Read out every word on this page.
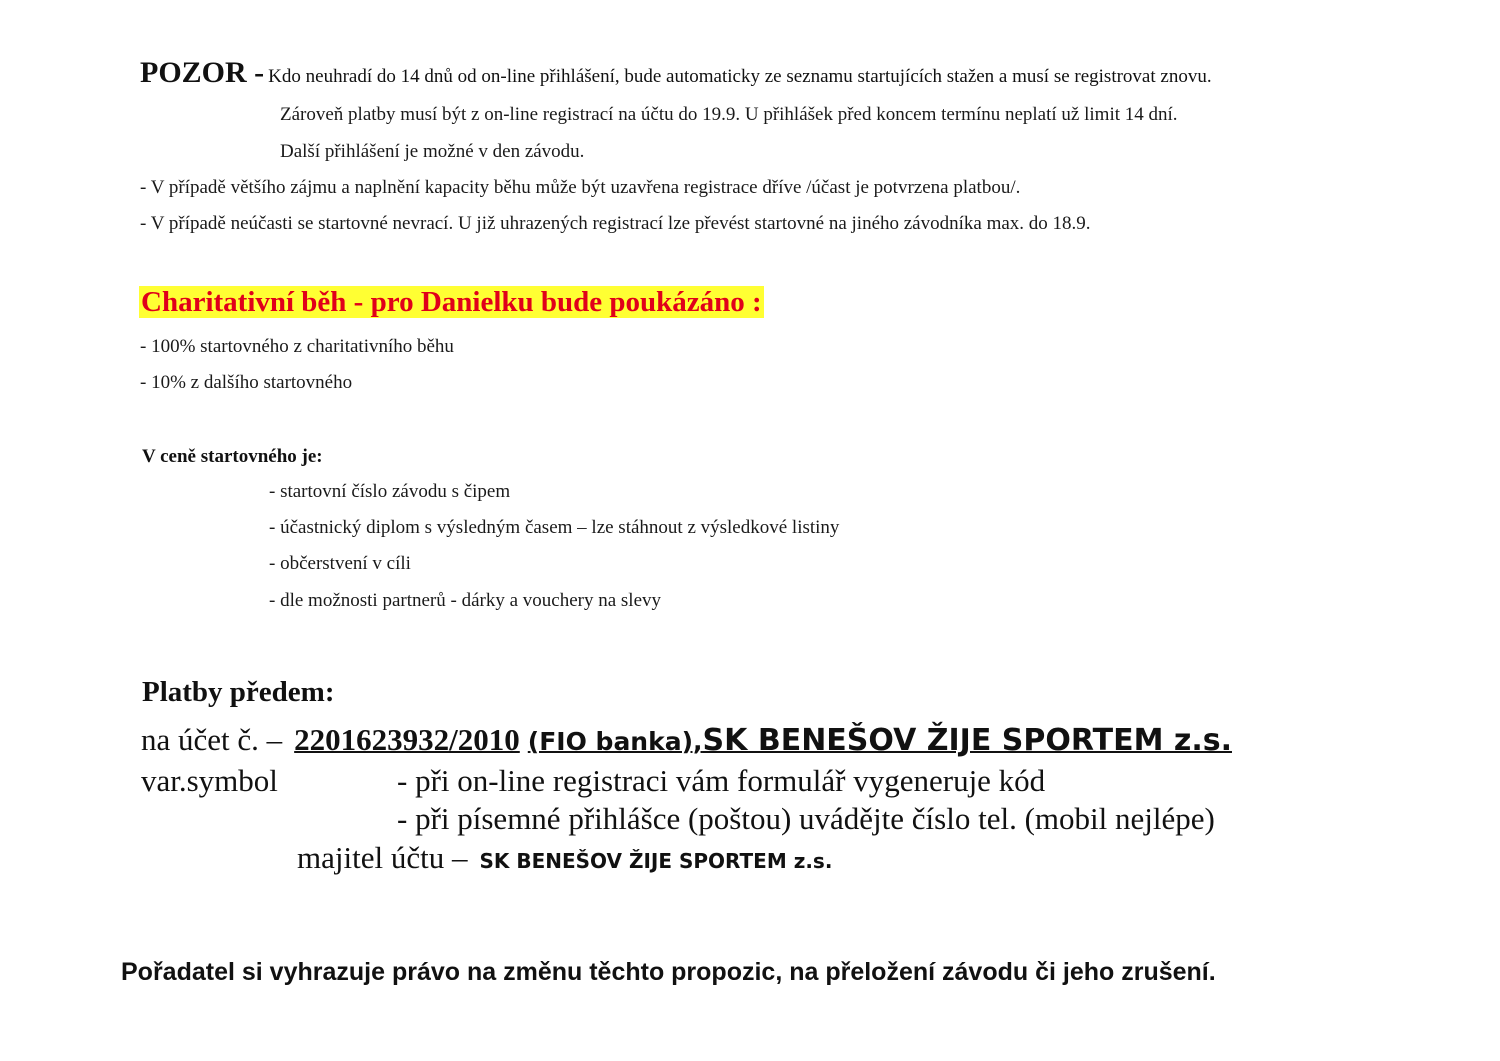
POZOR - Kdo neuhradí do 14 dnů od on-line přihlášení, bude automaticky ze seznamu startujících stažen a musí se registrovat znovu.
Zároveň platby musí být z on-line registrací na účtu do 19.9. U přihlášek před koncem termínu neplatí už limit 14 dní.
Další přihlášení je možné v den závodu.
- V případě většího zájmu a naplnění kapacity běhu může být uzavřena registrace dříve /účast je potvrzena platbou/.
- V případě neúčasti se startovné nevrací. U již uhrazených registrací lze převést startovné na jiného závodníka max. do 18.9.
Charitativní běh - pro Danielku bude poukázáno :
- 100% startovného z charitativního běhu
- 10% z dalšího startovného
V ceně startovného je:
- startovní číslo závodu s čipem
- účastnický diplom s výsledným časem – lze stáhnout z výsledkové listiny
- občerstvení v cíli
- dle možnosti partnerů - dárky a vouchery na slevy
Platby předem:
na účet č. – 2201623932/2010 (FIO banka),SK BENEŠOV ŽIJE SPORTEM z.s.
var.symbol	- při on-line registraci vám formulář vygeneruje kód
- při písemné přihlášce (poštou) uvádějte číslo tel. (mobil nejlépe)
majitel účtu – SK BENEŠOV ŽIJE SPORTEM z.s.
Pořadatel si vyhrazuje právo na změnu těchto propozic, na přeložení závodu či jeho zrušení.
